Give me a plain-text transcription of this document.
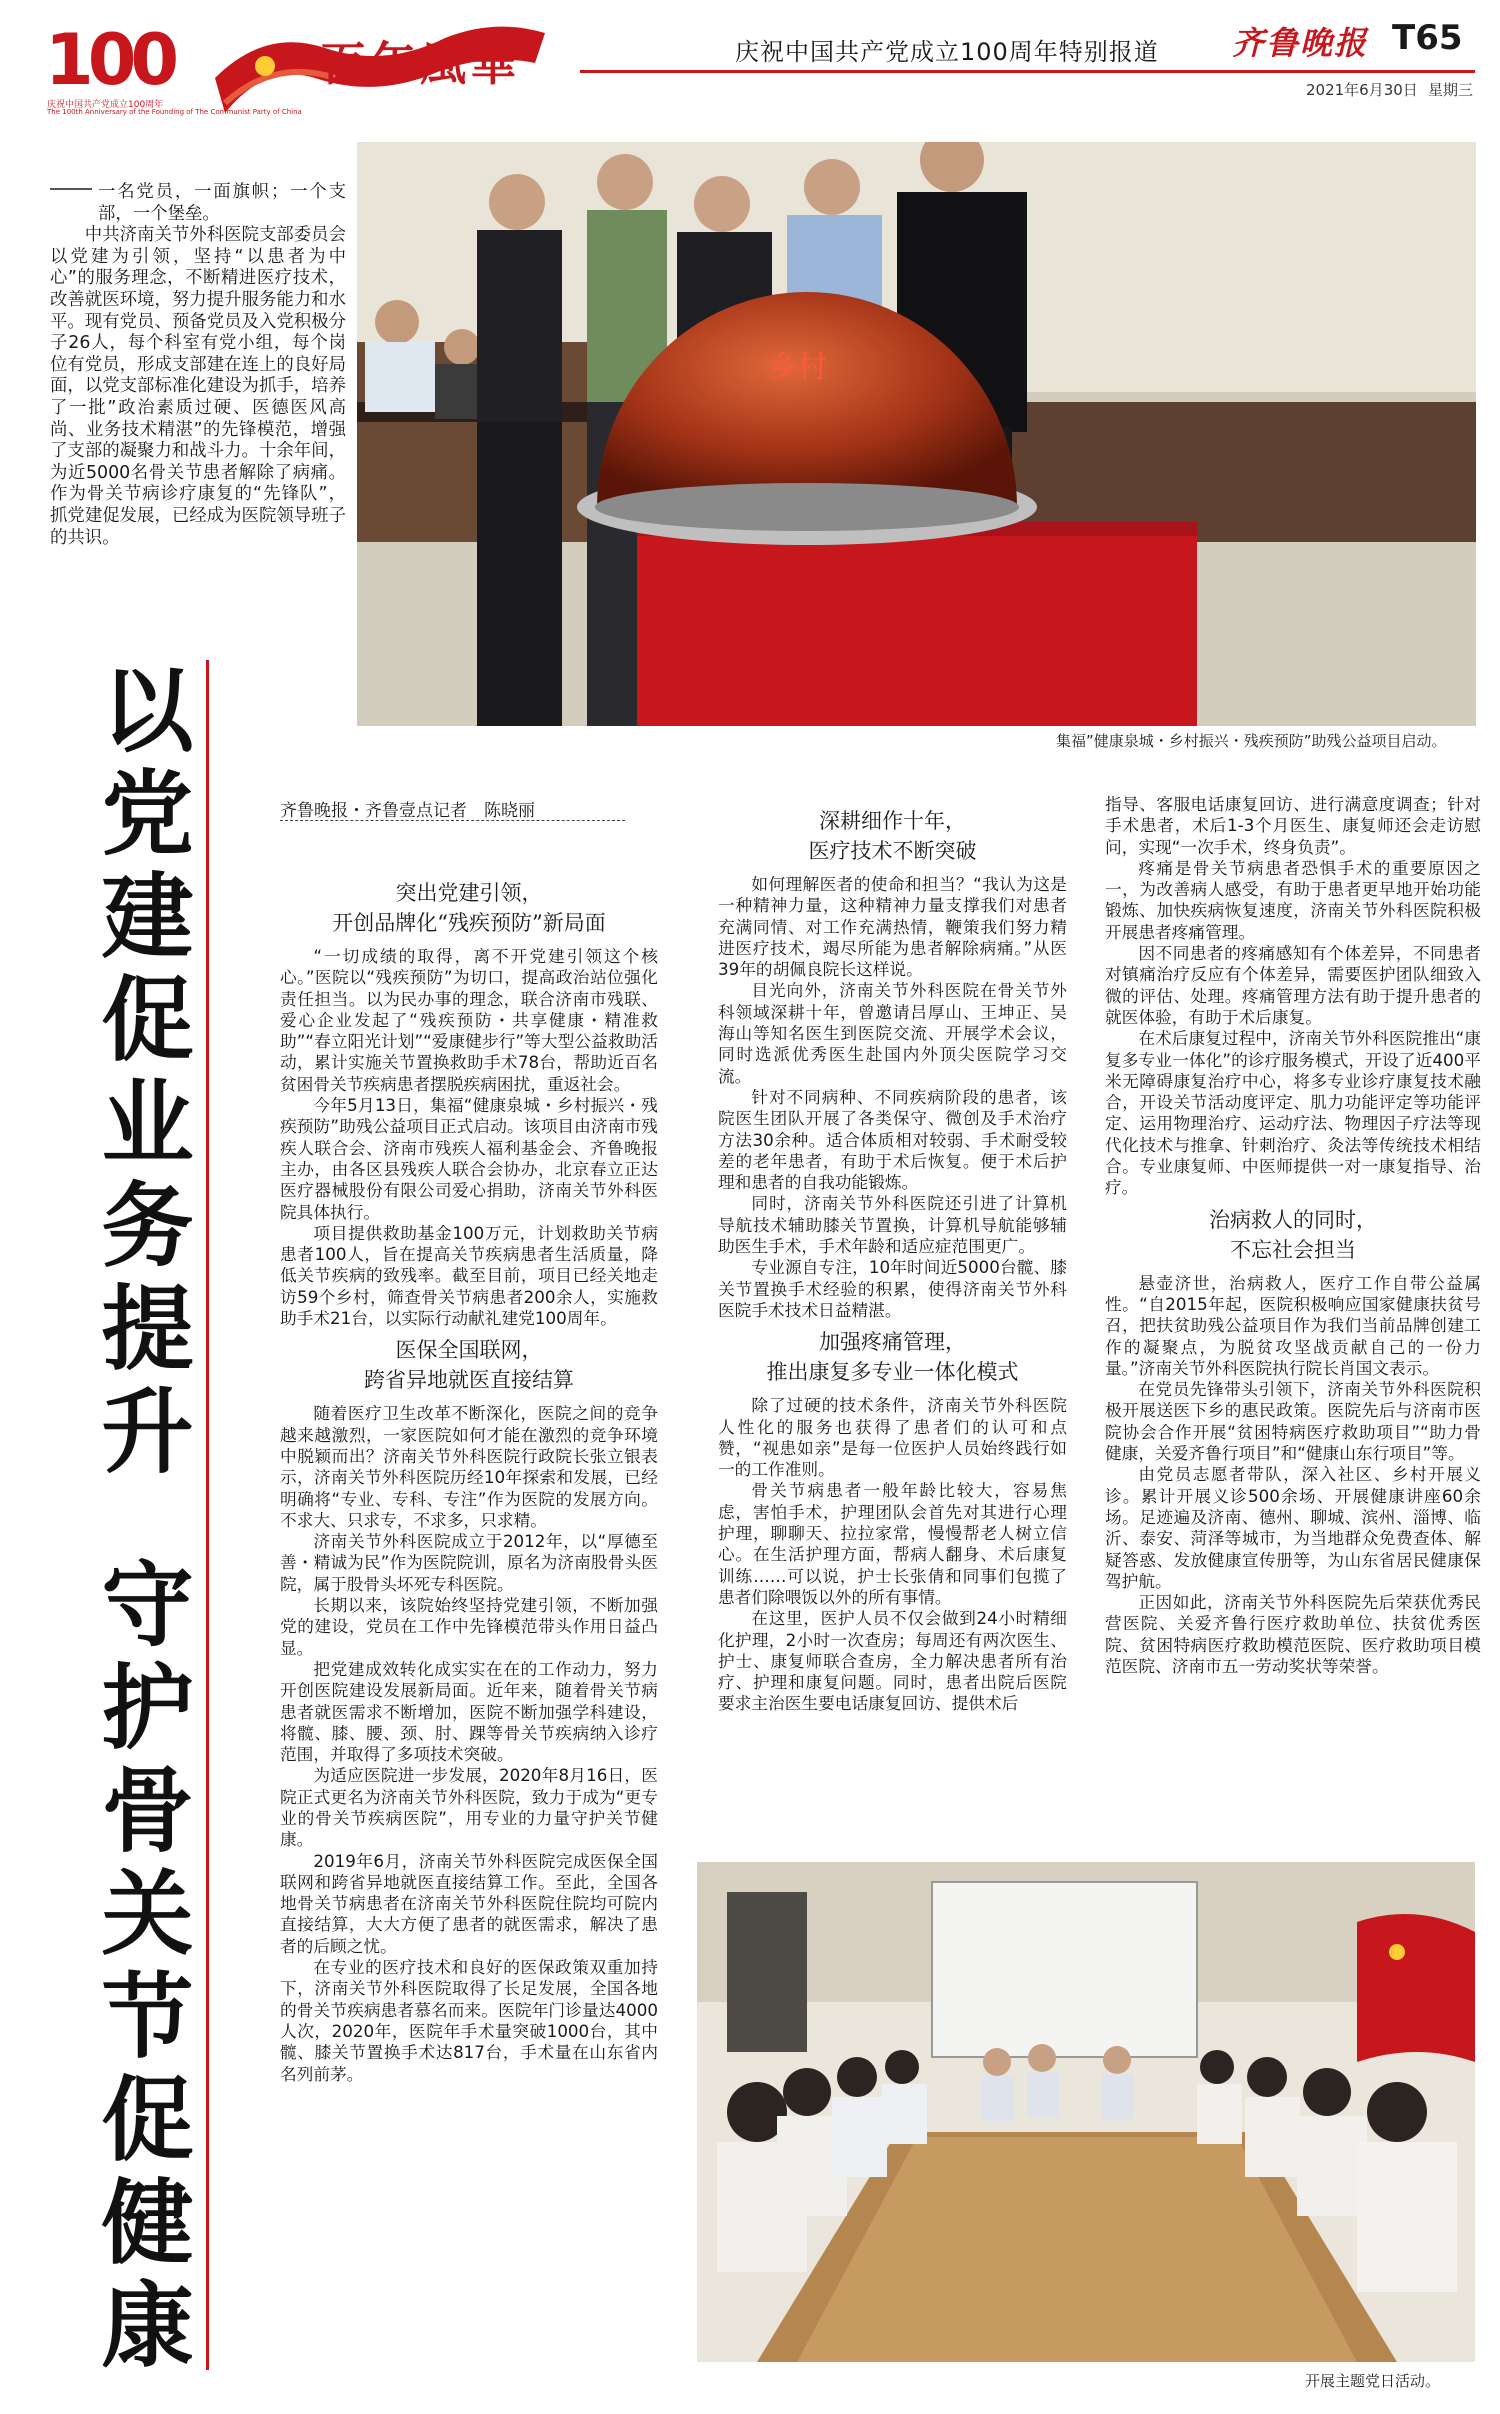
100
庆祝中国共产党成立100周年
The 100th Anniversary of the Founding of The Communist Party of China
百年風華	庆祝中国共产党成立100周年特别报道 齐鲁晚报 T65
2021年6月30日 星期三

一名党员，一面旗帜；一个支部，一个堡垒。

中共济南关节外科医院支部委员会以党建为引领，坚持“以患者为中心”的服务理念，不断精进医疗技术，改善就医环境，努力提升服务能力和水平。现有党员、预备党员及入党积极分子26人，每个科室有党小组，每个岗位有党员，形成支部建在连上的良好局面，以党支部标准化建设为抓手，培养了一批”政治素质过硬、医德医风高尚、业务技术精湛”的先锋模范，增强了支部的凝聚力和战斗力。十余年间，为近5000名骨关节患者解除了病痛。作为骨关节病诊疗康复的“先锋队”，抓党建促发展，已经成为医院领导班子的共识。

乡村
集福”健康泉城・乡村振兴・残疾预防”助残公益项目启动。
以
党
建
促
业
务
提
升
守
护
骨
关
节
促
健
康
齐鲁晚报・齐鲁壹点记者　陈晓丽
突出党建引领，
开创品牌化“残疾预防”新局面

“一切成绩的取得，离不开党建引领这个核心。”医院以“残疾预防”为切口，提高政治站位强化责任担当。以为民办事的理念，联合济南市残联、爱心企业发起了“残疾预防・共享健康・精准救助”“春立阳光计划”“爱康健步行”等大型公益救助活动，累计实施关节置换救助手术78台，帮助近百名贫困骨关节疾病患者摆脱疾病困扰，重返社会。

今年5月13日，集福“健康泉城・乡村振兴・残疾预防”助残公益项目正式启动。该项目由济南市残疾人联合会、济南市残疾人福利基金会、齐鲁晚报主办，由各区县残疾人联合会协办，北京春立正达医疗器械股份有限公司爱心捐助，济南关节外科医院具体执行。

项目提供救助基金100万元，计划救助关节病患者100人，旨在提高关节疾病患者生活质量，降低关节疾病的致残率。截至目前，项目已经关地走访59个乡村，筛查骨关节病患者200余人，实施救助手术21台，以实际行动献礼建党100周年。

医保全国联网，
跨省异地就医直接结算

随着医疗卫生改革不断深化，医院之间的竞争越来越激烈，一家医院如何才能在激烈的竞争环境中脱颖而出？济南关节外科医院行政院长张立银表示，济南关节外科医院历经10年探索和发展，已经明确将“专业、专科、专注”作为医院的发展方向。不求大、只求专，不求多，只求精。

济南关节外科医院成立于2012年，以“厚德至善・精诚为民”作为医院院训，原名为济南股骨头医院，属于股骨头坏死专科医院。

长期以来，该院始终坚持党建引领，不断加强党的建设，党员在工作中先锋模范带头作用日益凸显。

把党建成效转化成实实在在的工作动力，努力开创医院建设发展新局面。近年来，随着骨关节病患者就医需求不断增加，医院不断加强学科建设，将髋、膝、腰、颈、肘、踝等骨关节疾病纳入诊疗范围，并取得了多项技术突破。

为适应医院进一步发展，2020年8月16日，医院正式更名为济南关节外科医院，致力于成为“更专业的骨关节疾病医院”，用专业的力量守护关节健康。

2019年6月，济南关节外科医院完成医保全国联网和跨省异地就医直接结算工作。至此，全国各地骨关节病患者在济南关节外科医院住院均可院内直接结算，大大方便了患者的就医需求，解决了患者的后顾之忧。

在专业的医疗技术和良好的医保政策双重加持下，济南关节外科医院取得了长足发展，全国各地的骨关节疾病患者慕名而来。医院年门诊量达4000人次，2020年，医院年手术量突破1000台，其中髋、膝关节置换手术达817台，手术量在山东省内名列前茅。

深耕细作十年，
医疗技术不断突破

如何理解医者的使命和担当？“我认为这是一种精神力量，这种精神力量支撑我们对患者充满同情、对工作充满热情，鞭策我们努力精进医疗技术，竭尽所能为患者解除病痛。”从医39年的胡佩良院长这样说。

目光向外，济南关节外科医院在骨关节外科领域深耕十年，曾邀请吕厚山、王坤正、吴海山等知名医生到医院交流、开展学术会议，同时选派优秀医生赴国内外顶尖医院学习交流。

针对不同病种、不同疾病阶段的患者，该院医生团队开展了各类保守、微创及手术治疗方法30余种。适合体质相对较弱、手术耐受较差的老年患者，有助于术后恢复。便于术后护理和患者的自我功能锻炼。

同时，济南关节外科医院还引进了计算机导航技术辅助膝关节置换，计算机导航能够辅助医生手术，手术年龄和适应症范围更广。

专业源自专注，10年时间近5000台髋、膝关节置换手术经验的积累，使得济南关节外科医院手术技术日益精湛。

加强疼痛管理，
推出康复多专业一体化模式

除了过硬的技术条件，济南关节外科医院人性化的服务也获得了患者们的认可和点赞，“视患如亲”是每一位医护人员始终践行如一的工作准则。

骨关节病患者一般年龄比较大，容易焦虑，害怕手术，护理团队会首先对其进行心理护理，聊聊天、拉拉家常，慢慢帮老人树立信心。在生活护理方面，帮病人翻身、术后康复训练……可以说，护士长张倩和同事们包揽了患者们除喂饭以外的所有事情。

在这里，医护人员不仅会做到24小时精细化护理，2小时一次查房；每周还有两次医生、护士、康复师联合查房，全力解决患者所有治疗、护理和康复问题。同时，患者出院后医院要求主治医生要电话康复回访、提供术后

指导、客服电话康复回访、进行满意度调查；针对手术患者，术后1-3个月医生、康复师还会走访慰问，实现“一次手术，终身负责”。

疼痛是骨关节病患者恐惧手术的重要原因之一，为改善病人感受，有助于患者更早地开始功能锻炼、加快疾病恢复速度，济南关节外科医院积极开展患者疼痛管理。

因不同患者的疼痛感知有个体差异，不同患者对镇痛治疗反应有个体差异，需要医护团队细致入微的评估、处理。疼痛管理方法有助于提升患者的就医体验，有助于术后康复。

在术后康复过程中，济南关节外科医院推出“康复多专业一体化”的诊疗服务模式，开设了近400平米无障碍康复治疗中心，将多专业诊疗康复技术融合，开设关节活动度评定、肌力功能评定等功能评定、运用物理治疗、运动疗法、物理因子疗法等现代化技术与推拿、针刺治疗、灸法等传统技术相结合。专业康复师、中医师提供一对一康复指导、治疗。

治病救人的同时，
不忘社会担当

悬壶济世，治病救人，医疗工作自带公益属性。“自2015年起，医院积极响应国家健康扶贫号召，把扶贫助残公益项目作为我们当前品牌创建工作的凝聚点，为脱贫攻坚战贡献自己的一份力量。”济南关节外科医院执行院长肖国文表示。

在党员先锋带头引领下，济南关节外科医院积极开展送医下乡的惠民政策。医院先后与济南市医院协会合作开展“贫困特病医疗救助项目”“助力骨健康，关爱齐鲁行项目”和“健康山东行项目”等。

由党员志愿者带队，深入社区、乡村开展义诊。累计开展义诊500余场、开展健康讲座60余场。足迹遍及济南、德州、聊城、滨州、淄博、临沂、泰安、菏泽等城市，为当地群众免费查体、解疑答惑、发放健康宣传册等，为山东省居民健康保驾护航。

正因如此，济南关节外科医院先后荣获优秀民营医院、关爱齐鲁行医疗救助单位、扶贫优秀医院、贫困特病医疗救助模范医院、医疗救助项目模范医院、济南市五一劳动奖状等荣誉。

开展主题党日活动。
